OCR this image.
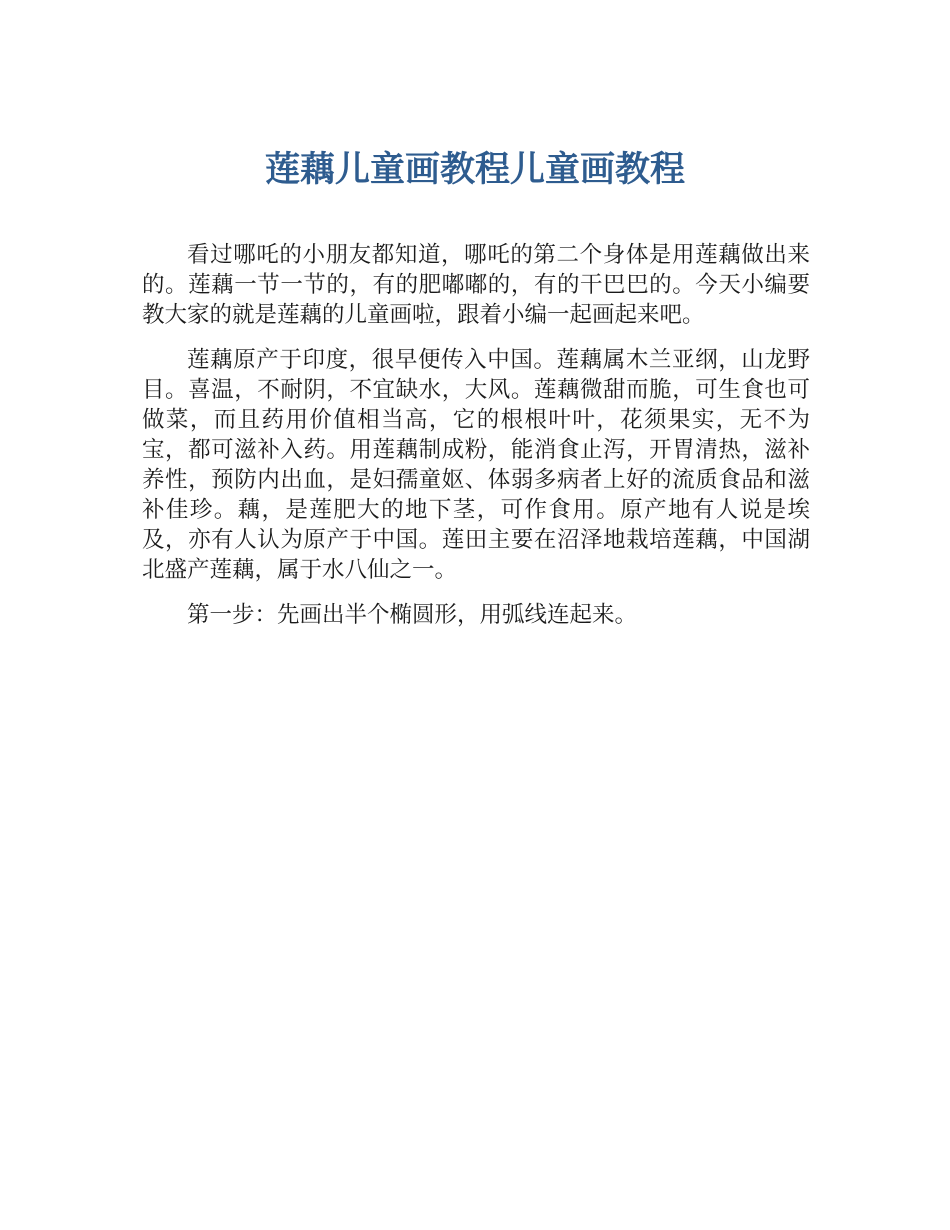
莲藕儿童画教程儿童画教程

看过哪吒的小朋友都知道，哪吒的第二个身体是用莲藕做出来的。莲藕一节一节的，有的肥嘟嘟的，有的干巴巴的。今天小编要教大家的就是莲藕的儿童画啦，跟着小编一起画起来吧。

莲藕原产于印度，很早便传入中国。莲藕属木兰亚纲，山龙野目。喜温，不耐阴，不宜缺水，大风。莲藕微甜而脆，可生食也可做菜，而且药用价值相当高，它的根根叶叶，花须果实，无不为宝，都可滋补入药。用莲藕制成粉，能消食止泻，开胃清热，滋补养性，预防内出血，是妇孺童妪、体弱多病者上好的流质食品和滋补佳珍。藕，是莲肥大的地下茎，可作食用。原产地有人说是埃及，亦有人认为原产于中国。莲田主要在沼泽地栽培莲藕，中国湖北盛产莲藕，属于水八仙之一。

第一步：先画出半个椭圆形，用弧线连起来。
